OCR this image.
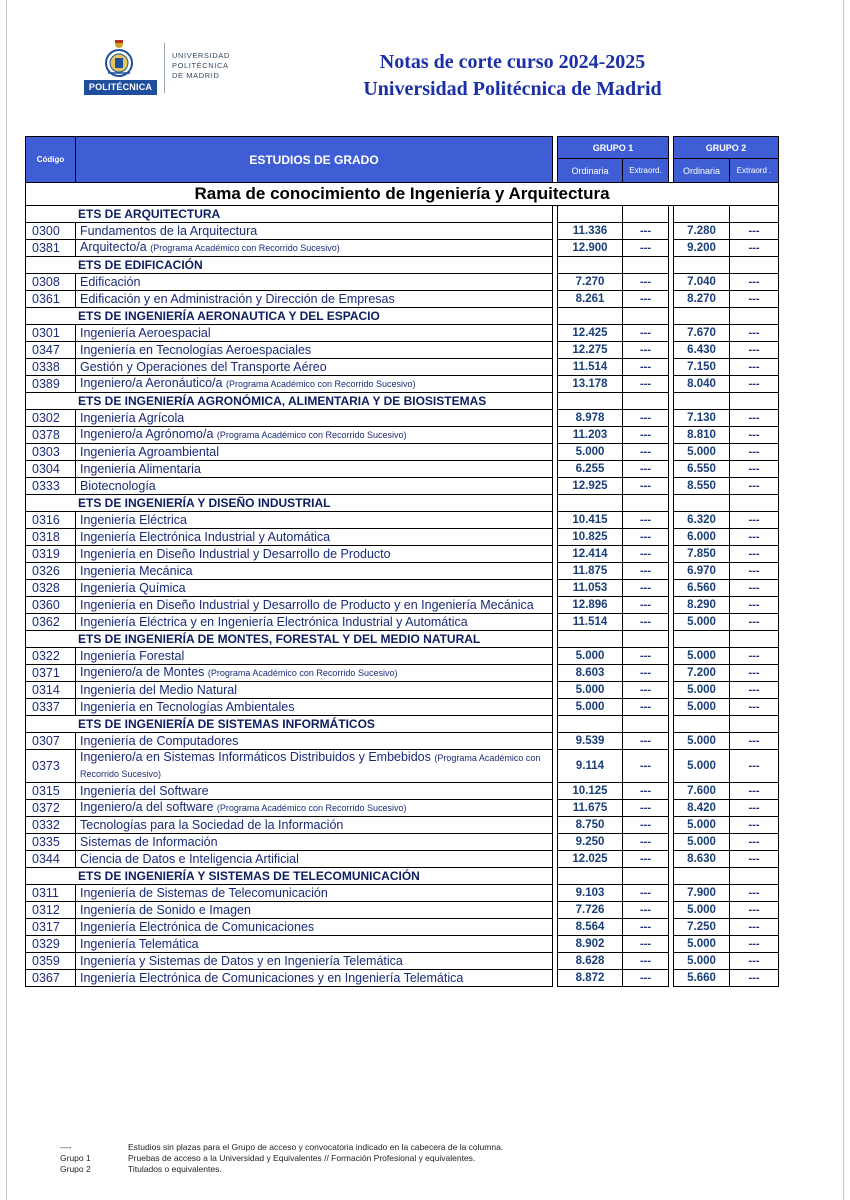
POLITÉCNICA
UNIVERSIDAD
POLITÉCNICA
DE MADRID
Notas de corte curso 2024-2025
Universidad Politécnica de Madrid
Código	ESTUDIOS DE GRADO		GRUPO 1			GRUPO 2	
			Ordinaria	Extraord.		Ordinaria	Extraord .
Rama de conocimiento de Ingeniería y Arquitectura							
ETS DE ARQUITECTURA							
0300	Fundamentos de la Arquitectura		11.336	---		7.280	---
0381	Arquitecto/a (Programa Académico con Recorrido Sucesivo)		12.900	---		9.200	---
ETS DE EDIFICACIÓN							
0308	Edificación		7.270	---		7.040	---
0361	Edificación y en Administración y Dirección de Empresas		8.261	---		8.270	---
ETS DE INGENIERÍA AERONAUTICA Y DEL ESPACIO							
0301	Ingeniería Aeroespacial		12.425	---		7.670	---
0347	Ingeniería en Tecnologías Aeroespaciales		12.275	---		6.430	---
0338	Gestión y Operaciones del Transporte Aéreo		11.514	---		7.150	---
0389	Ingeniero/a Aeronáutico/a (Programa Académico con Recorrido Sucesivo)		13.178	---		8.040	---
ETS DE INGENIERÍA AGRONÓMICA, ALIMENTARIA Y DE BIOSISTEMAS							
0302	Ingeniería Agrícola		8.978	---		7.130	---
0378	Ingeniero/a Agrónomo/a (Programa Académico con Recorrido Sucesivo)		11.203	---		8.810	---
0303	Ingeniería Agroambiental		5.000	---		5.000	---
0304	Ingeniería Alimentaria		6.255	---		6.550	---
0333	Biotecnología		12.925	---		8.550	---
ETS DE INGENIERÍA Y DISEÑO INDUSTRIAL							
0316	Ingeniería Eléctrica		10.415	---		6.320	---
0318	Ingeniería Electrónica Industrial y Automática		10.825	---		6.000	---
0319	Ingeniería en Diseño Industrial y Desarrollo de Producto		12.414	---		7.850	---
0326	Ingeniería Mecánica		11.875	---		6.970	---
0328	Ingeniería Química		11.053	---		6.560	---
0360	Ingeniería en Diseño Industrial y Desarrollo de Producto y en Ingeniería Mecánica		12.896	---		8.290	---
0362	Ingeniería Eléctrica y en Ingeniería Electrónica Industrial y Automática		11.514	---		5.000	---
ETS DE INGENIERÍA DE MONTES, FORESTAL Y DEL MEDIO NATURAL							
0322	Ingeniería Forestal		5.000	---		5.000	---
0371	Ingeniero/a de Montes (Programa Académico con Recorrido Sucesivo)		8.603	---		7.200	---
0314	Ingeniería del Medio Natural		5.000	---		5.000	---
0337	Ingeniería en Tecnologías Ambientales		5.000	---		5.000	---
ETS DE INGENIERÍA DE SISTEMAS INFORMÁTICOS							
0307	Ingeniería de Computadores		9.539	---		5.000	---
0373	Ingeniero/a en Sistemas Informáticos Distribuidos y Embebidos (Programa Académico con Recorrido Sucesivo)		9.114	---		5.000	---
0315	Ingeniería del Software		10.125	---		7.600	---
0372	Ingeniero/a del software (Programa Académico con Recorrido Sucesivo)		11.675	---		8.420	---
0332	Tecnologías para la Sociedad de la Información		8.750	---		5.000	---
0335	Sistemas de Información		9.250	---		5.000	---
0344	Ciencia de Datos e Inteligencia Artificial		12.025	---		8.630	---
ETS DE INGENIERÍA Y SISTEMAS DE TELECOMUNICACIÓN							
0311	Ingeniería de Sistemas de Telecomunicación		9.103	---		7.900	---
0312	Ingeniería de Sonido e Imagen		7.726	---		5.000	---
0317	Ingeniería Electrónica de Comunicaciones		8.564	---		7.250	---
0329	Ingeniería Telemática		8.902	---		5.000	---
0359	Ingeniería y Sistemas de Datos y en Ingeniería Telemática		8.628	---		5.000	---
0367	Ingeniería Electrónica de Comunicaciones y en Ingeniería Telemática		8.872	---		5.660	---
----	Estudios sin plazas para el Grupo de acceso y convocatoria indicado en la cabecera de la columna.
Grupo 1	Pruebas de acceso a la Universidad y Equivalentes // Formación Profesional y equivalentes.
Grupo 2	Titulados o equivalentes.
